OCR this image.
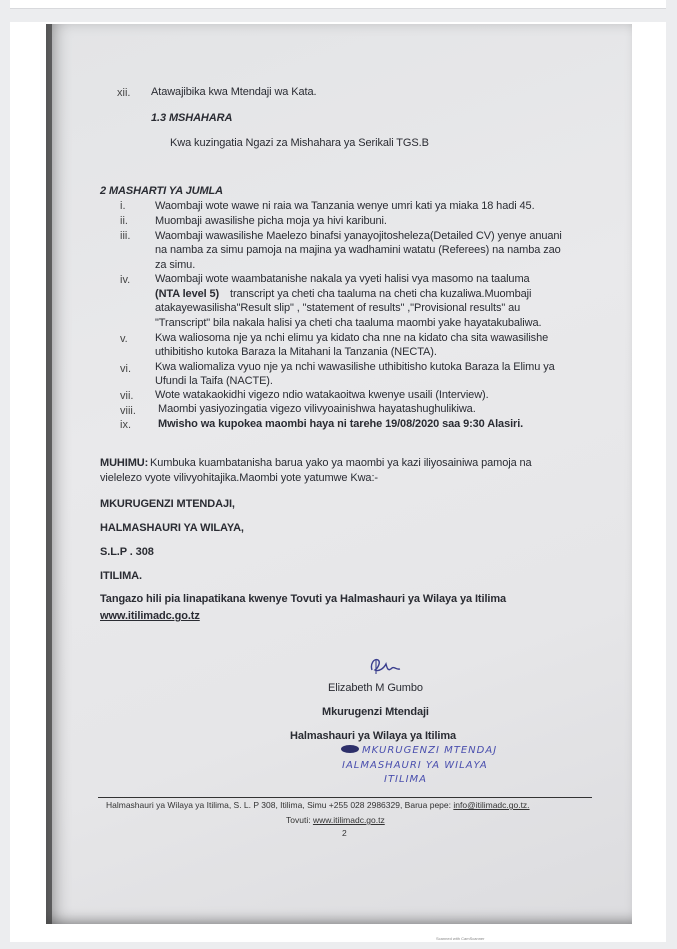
xii. Atawajibika kwa Mtendaji wa Kata.
1.3 MSHAHARA
Kwa kuzingatia Ngazi za Mishahara ya Serikali TGS.B
2 MASHARTI YA JUMLA
i.	Waombaji wote wawe ni raia wa Tanzania wenye umri kati ya miaka 18 hadi 45.
ii. Muombaji awasilishe picha moja ya hivi karibuni.
iii. Waombaji wawasilishe Maelezo binafsi yanayojitosheleza(Detailed CV) yenye anuani
na namba za simu pamoja na majina ya wadhamini watatu (Referees) na namba zao
za simu.
iv. Waombaji wote waambatanishe nakala ya vyeti halisi vya masomo na taaluma
(NTA level 5) transcript ya cheti cha taaluma na cheti cha kuzaliwa.Muombaji
atakayewasilisha"Result slip" , "statement of results" ,"Provisional results" au
"Transcript" bila nakala halisi ya cheti cha taaluma maombi yake hayatakubaliwa.
v. Kwa waliosoma nje ya nchi elimu ya kidato cha nne na kidato cha sita wawasilishe
uthibitisho kutoka Baraza la Mitahani la Tanzania (NECTA).
vi. Kwa waliomaliza vyuo nje ya nchi wawasilishe uthibitisho kutoka Baraza la Elimu ya
Ufundi la Taifa (NACTE).
vii. Wote watakaokidhi vigezo ndio watakaoitwa kwenye usaili (Interview).
viii. Maombi yasiyozingatia vigezo vilivyoainishwa hayatashughulikiwa.
ix. Mwisho wa kupokea maombi haya ni tarehe 19/08/2020 saa 9:30 Alasiri.
MUHIMU: Kumbuka kuambatanisha barua yako ya maombi ya kazi iliyosainiwa pamoja na
vielelezo vyote vilivyohitajika.Maombi yote yatumwe Kwa:-
MKURUGENZI MTENDAJI,
HALMASHAURI YA WILAYA,
S.L.P . 308
ITILIMA.
Tangazo hili pia linapatikana kwenye Tovuti ya Halmashauri ya Wilaya ya Itilima
www.itilimadc.go.tz
Elizabeth M Gumbo
Mkurugenzi Mtendaji
Halmashauri ya Wilaya ya Itilima
MKURUGENZI MTENDAJ
IALMASHAURI YA WILAYA
ITILIMA
Halmashauri ya Wilaya ya Itilima, S. L. P 308, Itilima, Simu +255 028 2986329, Barua pepe: info@itilimadc.go.tz.
Tovuti: www.itilimadc.go.tz
2
Scanned with CamScanner
